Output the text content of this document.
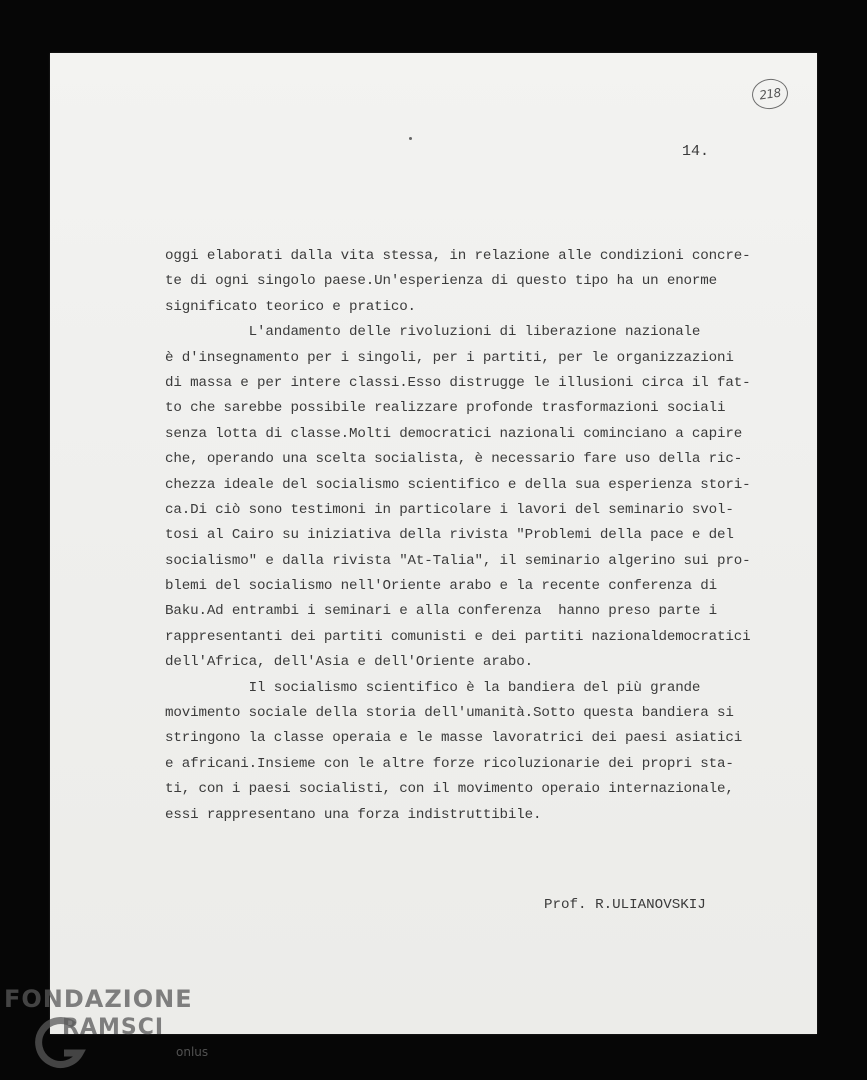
218
14.
oggi elaborati dalla vita stessa, in relazione alle condizioni concre-
te di ogni singolo paese.Un'esperienza di questo tipo ha un enorme
significato teorico e pratico.
L'andamento delle rivoluzioni di liberazione nazionale
è d'insegnamento per i singoli, per i partiti, per le organizzazioni
di massa e per intere classi.Esso distrugge le illusioni circa il fat-
to che sarebbe possibile realizzare profonde trasformazioni sociali
senza lotta di classe.Molti democratici nazionali cominciano a capire
che, operando una scelta socialista, è necessario fare uso della ric-
chezza ideale del socialismo scientifico e della sua esperienza stori-
ca.Di ciò sono testimoni in particolare i lavori del seminario svol-
tosi al Cairo su iniziativa della rivista "Problemi della pace e del
socialismo" e dalla rivista "At-Talia", il seminario algerino sui pro-
blemi del socialismo nell'Oriente arabo e la recente conferenza di
Baku.Ad entrambi i seminari e alla conferenza  hanno preso parte i
rappresentanti dei partiti comunisti e dei partiti nazionaldemocratici
dell'Africa, dell'Asia e dell'Oriente arabo.
Il socialismo scientifico è la bandiera del più grande
movimento sociale della storia dell'umanità.Sotto questa bandiera si
stringono la classe operaia e le masse lavoratrici dei paesi asiatici
e africani.Insieme con le altre forze ricoluzionarie dei propri sta-
ti, con i paesi socialisti, con il movimento operaio internazionale,
essi rappresentano una forza indistruttibile.
Prof. R.ULIANOVSKIJ
FONDAZIONE
RAMSCI
onlus
